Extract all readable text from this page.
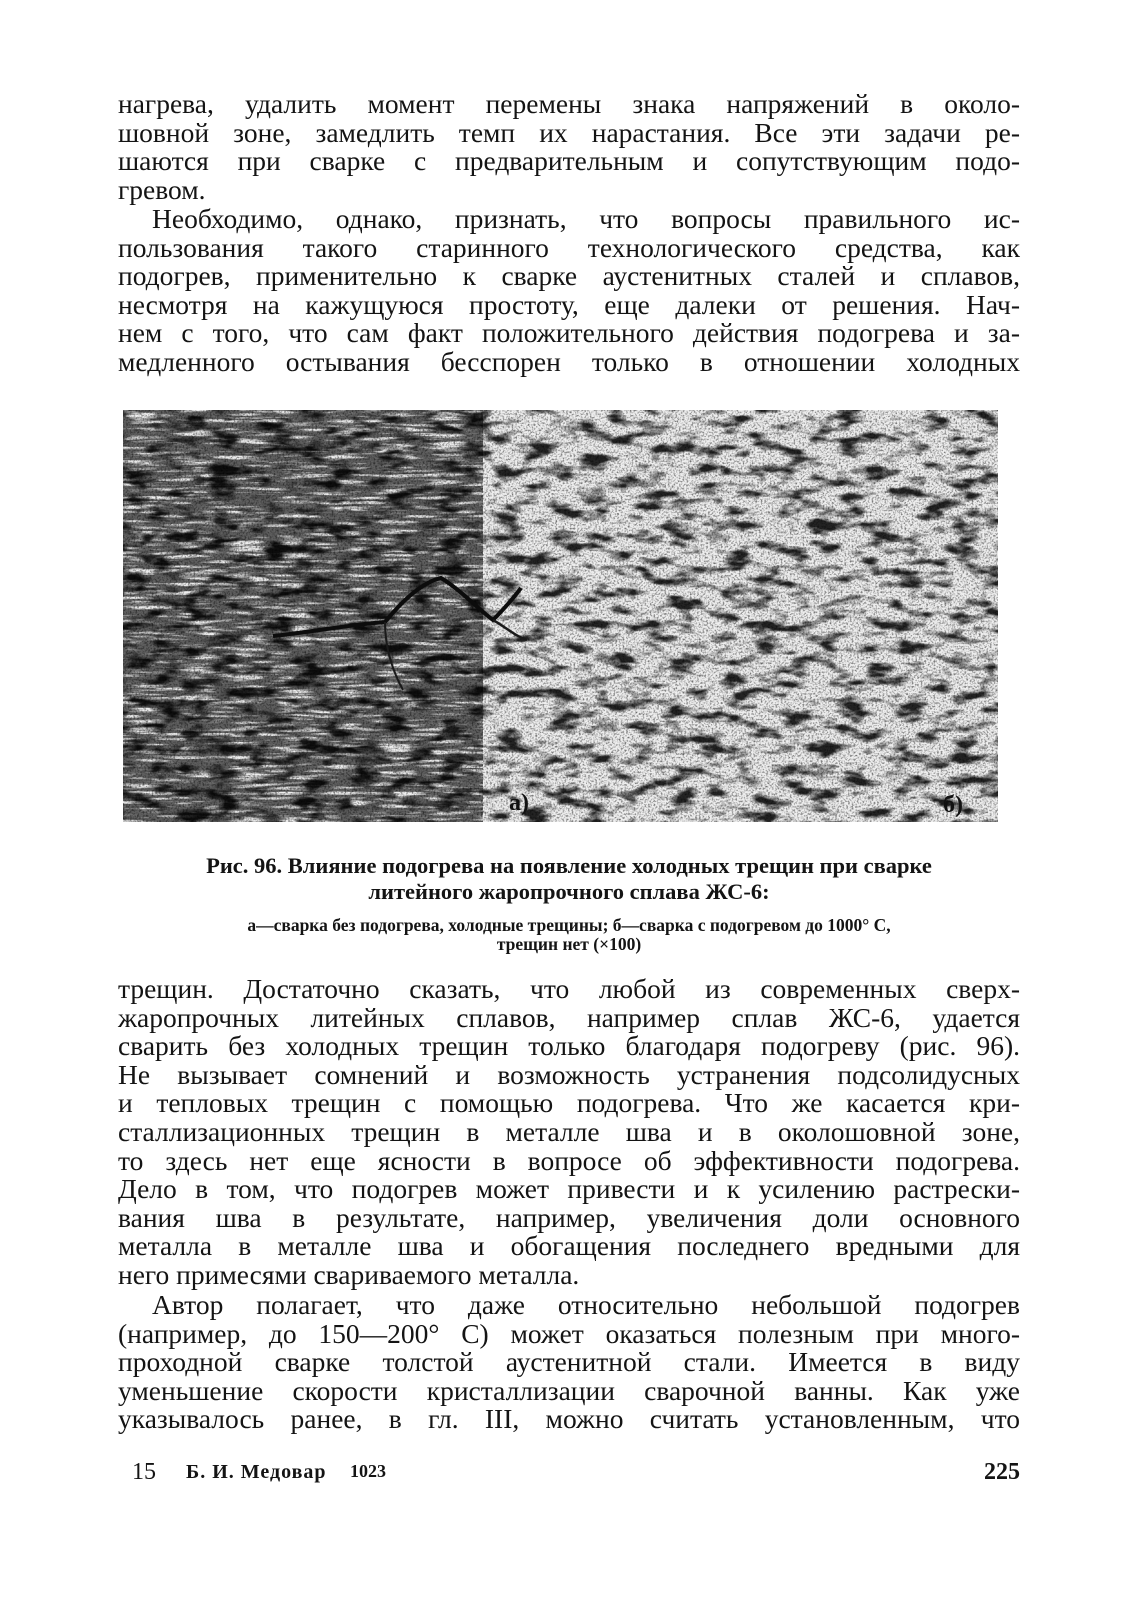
нагрева, удалить момент перемены знака напряжений в около-
шовной зоне, замедлить темп их нарастания. Все эти задачи ре-
шаются при сварке с предварительным и сопутствующим подо-
гревом.

Необходимо, однако, признать, что вопросы правильного ис-
пользования такого старинного технологического средства, как
подогрев, применительно к сварке аустенитных сталей и сплавов,
несмотря на кажущуюся простоту, еще далеки от решения. Нач-
нем с того, что сам факт положительного действия подогрева и за-
медленного остывания бесспорен только в отношении холодных

а)	б)
Рис. 96. Влияние подогрева на появление холодных трещин при сварке
литейного жаропрочного сплава ЖС-6:
а—сварка без подогрева, холодные трещины; б—сварка с подогревом до 1000° С,
трещин нет (×100)

трещин. Достаточно сказать, что любой из современных сверх-
жаропрочных литейных сплавов, например сплав ЖС-6, удается
сварить без холодных трещин только благодаря подогреву (рис. 96).
Не вызывает сомнений и возможность устранения подсолидусных
и тепловых трещин с помощью подогрева. Что же касается кри-
сталлизационных трещин в металле шва и в околошовной зоне,
то здесь нет еще ясности в вопросе об эффективности подогрева.
Дело в том, что подогрев может привести и к усилению растрески-
вания шва в результате, например, увеличения доли основного
металла в металле шва и обогащения последнего вредными для
него примесями свариваемого металла.

Автор полагает, что даже относительно небольшой подогрев
(например, до 150—200° С) может оказаться полезным при много-
проходной сварке толстой аустенитной стали. Имеется в виду
уменьшение скорости кристаллизации сварочной ванны. Как уже
указывалось ранее, в гл. III, можно считать установленным, что

15 Б. И. Медовар 1023	225
